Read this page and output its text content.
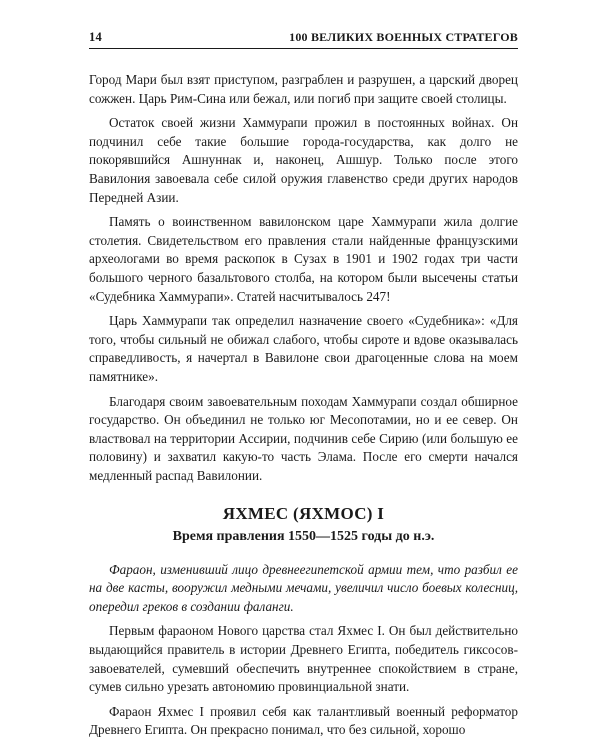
14	100 ВЕЛИКИХ ВОЕННЫХ СТРАТЕГОВ

Город Мари был взят приступом, разграблен и разрушен, а царский дворец сожжен. Царь Рим-Сина или бежал, или погиб при защите своей столицы.

Остаток своей жизни Хаммурапи прожил в постоянных войнах. Он подчинил себе такие большие города-государства, как долго не покорявшийся Ашнуннак и, наконец, Ашшур. Только после этого Вавилония завоевала себе силой оружия главенство среди других народов Передней Азии.

Память о воинственном вавилонском царе Хаммурапи жила долгие столетия. Свидетельством его правления стали найденные французскими археологами во время раскопок в Сузах в 1901 и 1902 годах три части большого черного базальтового столба, на котором были высечены статьи «Судебника Хаммурапи». Статей насчитывалось 247!

Царь Хаммурапи так определил назначение своего «Судебника»: «Для того, чтобы сильный не обижал слабого, чтобы сироте и вдове оказывалась справедливость, я начертал в Вавилоне свои драгоценные слова на моем памятнике».

Благодаря своим завоевательным походам Хаммурапи создал обширное государство. Он объединил не только юг Месопотамии, но и ее север. Он властвовал на территории Ассирии, подчинив себе Сирию (или большую ее половину) и захватил какую-то часть Элама. После его смерти начался медленный распад Вавилонии.

ЯХМЕС (ЯХМОС) I
Время правления 1550—1525 годы до н.э.

Фараон, изменивший лицо древнеегипетской армии тем, что разбил ее на две касты, вооружил медными мечами, увеличил число боевых колесниц, опередил греков в создании фаланги.

Первым фараоном Нового царства стал Яхмес I. Он был действительно выдающийся правитель в истории Древнего Египта, победитель гиксосов-завоевателей, сумевший обеспечить внутреннее спокойствием в стране, сумев сильно урезать автономию провинциальной знати.

Фараон Яхмес I проявил себя как талантливый военный реформатор Древнего Египта. Он прекрасно понимал, что без сильной, хорошо
